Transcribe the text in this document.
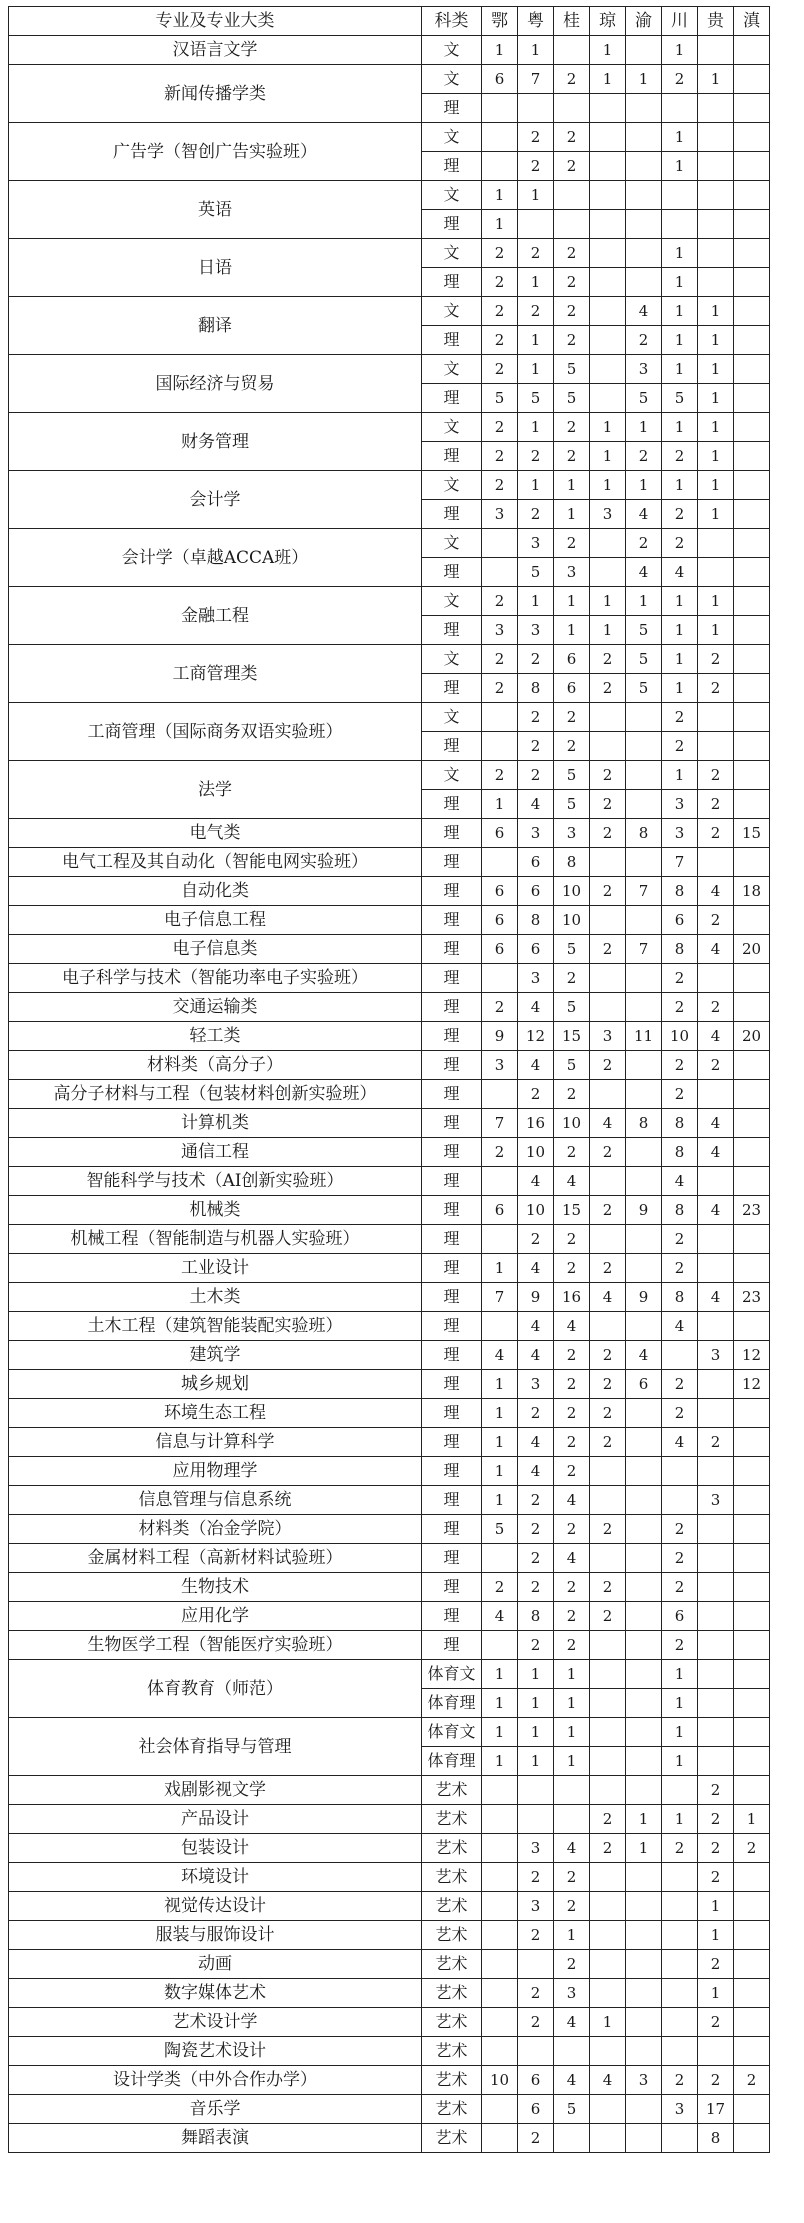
专业及专业大类	科类	鄂	粤	桂	琼	渝	川	贵	滇
汉语言文学	文	1	1		1		1		
新闻传播学类	文	6	7	2	1	1	2	1	
	理								
广告学（智创广告实验班）	文		2	2			1		
	理		2	2			1		
英语	文	1	1						
	理	1							
日语	文	2	2	2			1		
	理	2	1	2			1		
翻译	文	2	2	2		4	1	1	
	理	2	1	2		2	1	1	
国际经济与贸易	文	2	1	5		3	1	1	
	理	5	5	5		5	5	1	
财务管理	文	2	1	2	1	1	1	1	
	理	2	2	2	1	2	2	1	
会计学	文	2	1	1	1	1	1	1	
	理	3	2	1	3	4	2	1	
会计学（卓越ACCA班）	文		3	2		2	2		
	理		5	3		4	4		
金融工程	文	2	1	1	1	1	1	1	
	理	3	3	1	1	5	1	1	
工商管理类	文	2	2	6	2	5	1	2	
	理	2	8	6	2	5	1	2	
工商管理（国际商务双语实验班）	文		2	2			2		
	理		2	2			2		
法学	文	2	2	5	2		1	2	
	理	1	4	5	2		3	2	
电气类	理	6	3	3	2	8	3	2	15
电气工程及其自动化（智能电网实验班）	理		6	8			7		
自动化类	理	6	6	10	2	7	8	4	18
电子信息工程	理	6	8	10			6	2	
电子信息类	理	6	6	5	2	7	8	4	20
电子科学与技术（智能功率电子实验班）	理		3	2			2		
交通运输类	理	2	4	5			2	2	
轻工类	理	9	12	15	3	11	10	4	20
材料类（高分子）	理	3	4	5	2		2	2	
高分子材料与工程（包装材料创新实验班）	理		2	2			2		
计算机类	理	7	16	10	4	8	8	4	
通信工程	理	2	10	2	2		8	4	
智能科学与技术（AI创新实验班）	理		4	4			4		
机械类	理	6	10	15	2	9	8	4	23
机械工程（智能制造与机器人实验班）	理		2	2			2		
工业设计	理	1	4	2	2		2		
土木类	理	7	9	16	4	9	8	4	23
土木工程（建筑智能装配实验班）	理		4	4			4		
建筑学	理	4	4	2	2	4		3	12
城乡规划	理	1	3	2	2	6	2		12
环境生态工程	理	1	2	2	2		2		
信息与计算科学	理	1	4	2	2		4	2	
应用物理学	理	1	4	2					
信息管理与信息系统	理	1	2	4				3	
材料类（冶金学院）	理	5	2	2	2		2		
金属材料工程（高新材料试验班）	理		2	4			2		
生物技术	理	2	2	2	2		2		
应用化学	理	4	8	2	2		6		
生物医学工程（智能医疗实验班）	理		2	2			2		
体育教育（师范）	体育文	1	1	1			1		
	体育理	1	1	1			1		
社会体育指导与管理	体育文	1	1	1			1		
	体育理	1	1	1			1		
戏剧影视文学	艺术							2	
产品设计	艺术				2	1	1	2	1
包装设计	艺术		3	4	2	1	2	2	2
环境设计	艺术		2	2				2	
视觉传达设计	艺术		3	2				1	
服装与服饰设计	艺术		2	1				1	
动画	艺术			2				2	
数字媒体艺术	艺术		2	3				1	
艺术设计学	艺术		2	4	1			2	
陶瓷艺术设计	艺术								
设计学类（中外合作办学）	艺术	10	6	4	4	3	2	2	2
音乐学	艺术		6	5			3	17	
舞蹈表演	艺术		2					8	
